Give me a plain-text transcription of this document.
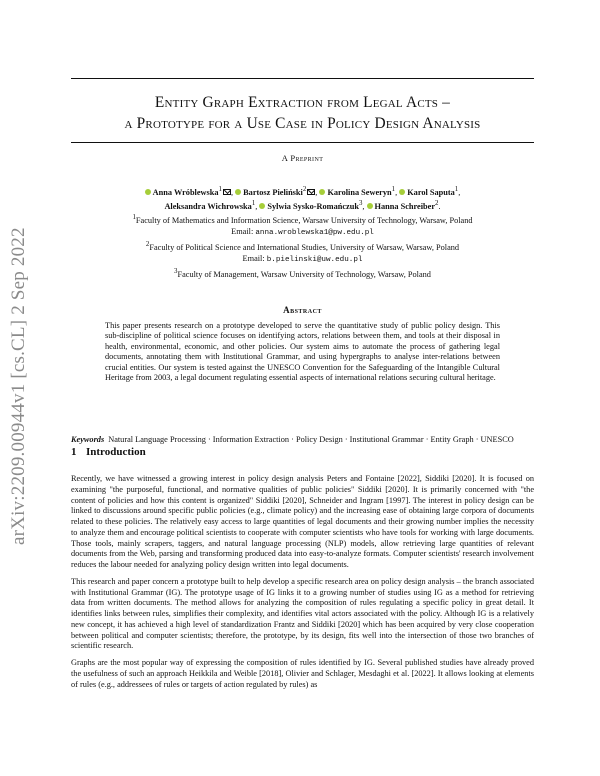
arXiv:2209.00944v1 [cs.CL] 2 Sep 2022
Entity Graph Extraction from Legal Acts –
a Prototype for a Use Case in Policy Design Analysis
A Preprint
Anna Wróblewska$^1$ , Bartosz Pieliński$^2$ , Karolina Seweryn$^1$, Karol Saputa$^1$,
Aleksandra Wichrowska$^1$, Sylwia Sysko-Romańczuk$^3$, Hanna Schreiber$^2$.
$^1$Faculty of Mathematics and Information Science, Warsaw University of Technology, Warsaw, Poland
Email: anna.wroblewska1@pw.edu.pl
$^2$Faculty of Political Science and International Studies, University of Warsaw, Warsaw, Poland
Email: b.pielinski@uw.edu.pl
$^3$Faculty of Management, Warsaw University of Technology, Warsaw, Poland
Abstract
This paper presents research on a prototype developed to serve the quantitative study of public policy design. This sub-discipline of political science focuses on identifying actors, relations between them, and tools at their disposal in health, environmental, economic, and other policies. Our system aims to automate the process of gathering legal documents, annotating them with Institutional Grammar, and using hypergraphs to analyse inter-relations between crucial entities. Our system is tested against the UNESCO Convention for the Safeguarding of the Intangible Cultural Heritage from 2003, a legal document regulating essential aspects of international relations securing cultural heritage.
Keywords Natural Language Processing · Information Extraction · Policy Design · Institutional Grammar · Entity Graph · UNESCO
1 Introduction

Recently, we have witnessed a growing interest in policy design analysis Peters and Fontaine [2022], Siddiki [2020]. It is focused on examining "the purposeful, functional, and normative qualities of public policies" Siddiki [2020]. It is primarily concerned with "the content of policies and how this content is organized" Siddiki [2020], Schneider and Ingram [1997]. The interest in policy design can be linked to discussions around specific public policies (e.g., climate policy) and the increasing ease of obtaining large corpora of documents related to these policies. The relatively easy access to large quantities of legal documents and their growing number implies the necessity to analyze them and encourage political scientists to cooperate with computer scientists who have tools for working with large documents. Those tools, mainly scrapers, taggers, and natural language processing (NLP) models, allow retrieving large quantities of relevant documents from the Web, parsing and transforming produced data into easy-to-analyze formats. Computer scientists' research involvement reduces the labour needed for analyzing policy design written into legal documents.

This research and paper concern a prototype built to help develop a specific research area on policy design analysis – the branch associated with Institutional Grammar (IG). The prototype usage of IG links it to a growing number of studies using IG as a method for retrieving data from written documents. The method allows for analyzing the composition of rules regulating a specific policy in great detail. It identifies links between rules, simplifies their complexity, and identifies vital actors associated with the policy. Although IG is a relatively new concept, it has achieved a high level of standardization Frantz and Siddiki [2020] which has been acquired by very close cooperation between political and computer scientists; therefore, the prototype, by its design, fits well into the intersection of those two branches of scientific research.

Graphs are the most popular way of expressing the composition of rules identified by IG. Several published studies have already proved the usefulness of such an approach Heikkila and Weible [2018], Olivier and Schlager, Mesdaghi et al. [2022]. It allows looking at elements of rules (e.g., addressees of rules or targets of action regulated by rules) as
